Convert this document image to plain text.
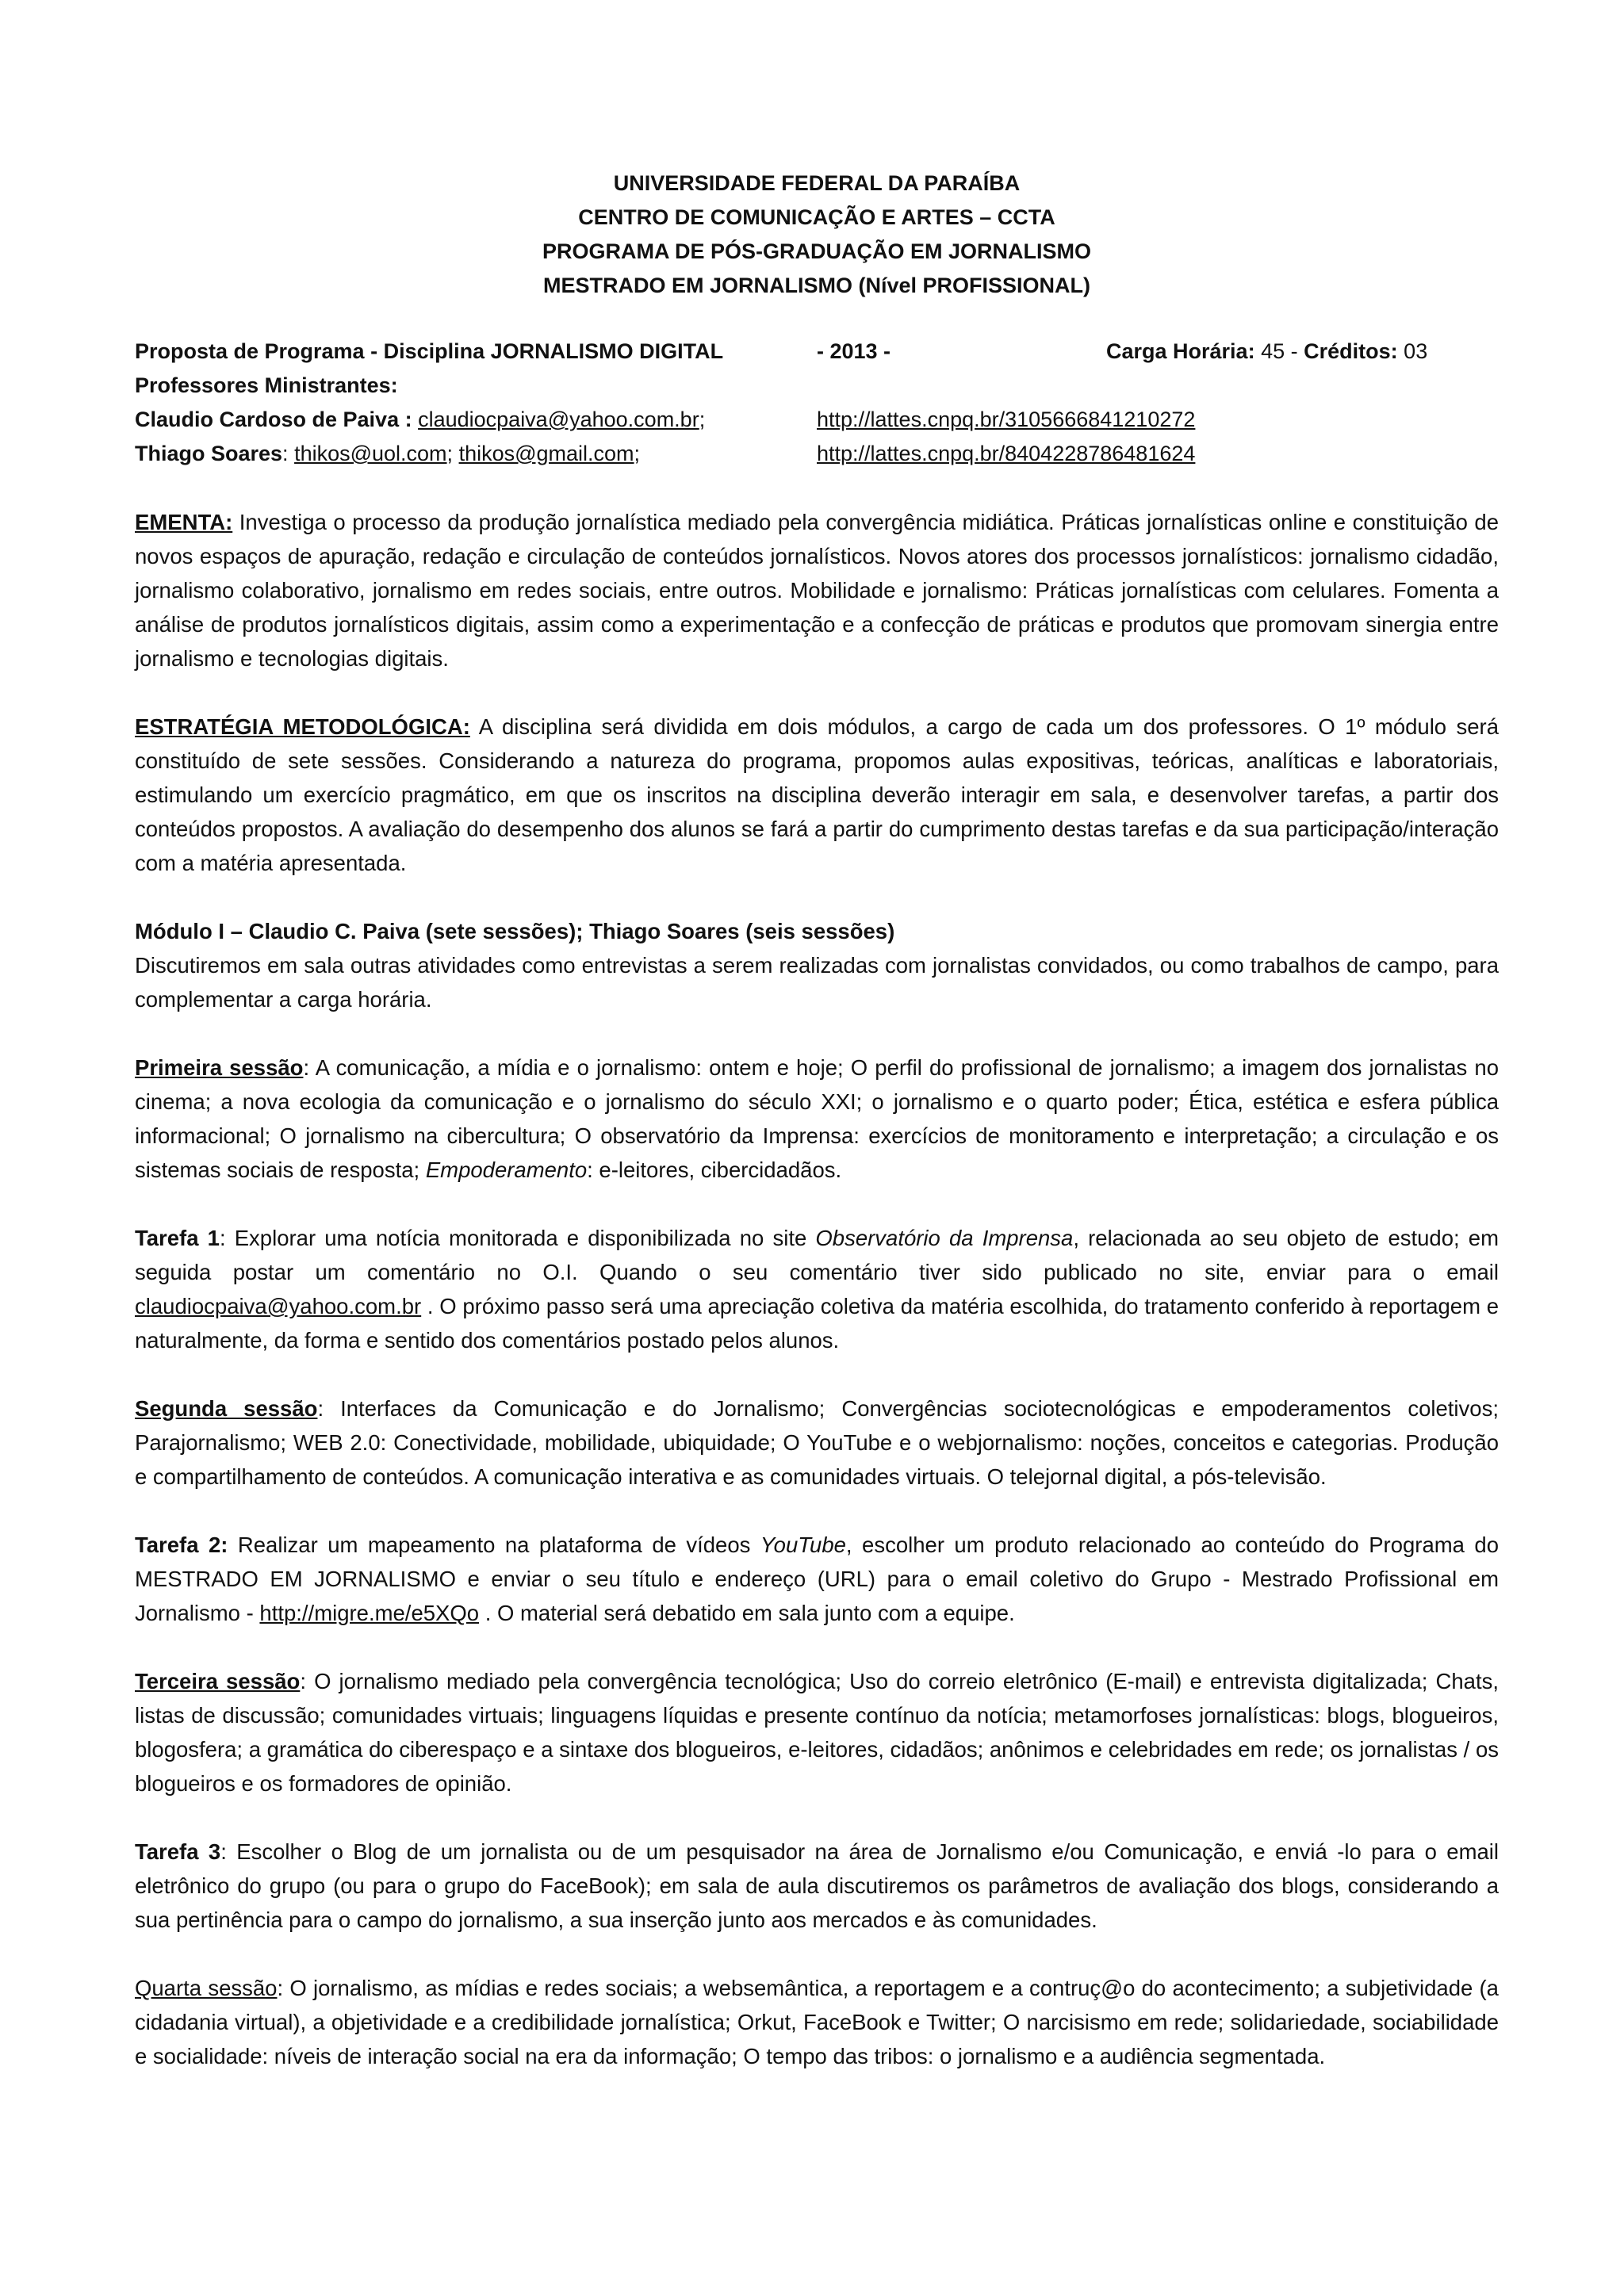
UNIVERSIDADE FEDERAL DA PARAÍBA
CENTRO DE COMUNICAÇÃO E ARTES – CCTA
PROGRAMA DE PÓS-GRADUAÇÃO EM JORNALISMO
MESTRADO EM JORNALISMO (Nível PROFISSIONAL)
Proposta de Programa - Disciplina JORNALISMO DIGITAL	- 2013 -	Carga Horária: 45 - Créditos: 03
Professores Ministrantes:
Claudio Cardoso de Paiva : claudiocpaiva@yahoo.com.br;	http://lattes.cnpq.br/3105666841210272
Thiago Soares: thikos@uol.com; thikos@gmail.com;	http://lattes.cnpq.br/8404228786481624

EMENTA: Investiga o processo da produção jornalística mediado pela convergência midiática. Práticas jornalísticas online e constituição de novos espaços de apuração, redação e circulação de conteúdos jornalísticos. Novos atores dos processos jornalísticos: jornalismo cidadão, jornalismo colaborativo, jornalismo em redes sociais, entre outros. Mobilidade e jornalismo: Práticas jornalísticas com celulares. Fomenta a análise de produtos jornalísticos digitais, assim como a experimentação e a confecção de práticas e produtos que promovam sinergia entre jornalismo e tecnologias digitais.

ESTRATÉGIA METODOLÓGICA: A disciplina será dividida em dois módulos, a cargo de cada um dos professores. O 1º módulo será constituído de sete sessões. Considerando a natureza do programa, propomos aulas expositivas, teóricas, analíticas e laboratoriais, estimulando um exercício pragmático, em que os inscritos na disciplina deverão interagir em sala, e desenvolver tarefas, a partir dos conteúdos propostos. A avaliação do desempenho dos alunos se fará a partir do cumprimento destas tarefas e da sua participação/interação com a matéria apresentada.

Módulo I – Claudio C. Paiva (sete sessões); Thiago Soares (seis sessões)
Discutiremos em sala outras atividades como entrevistas a serem realizadas com jornalistas convidados, ou como trabalhos de campo, para complementar a carga horária.

Primeira sessão: A comunicação, a mídia e o jornalismo: ontem e hoje; O perfil do profissional de jornalismo; a imagem dos jornalistas no cinema; a nova ecologia da comunicação e o jornalismo do século XXI; o jornalismo e o quarto poder; Ética, estética e esfera pública informacional; O jornalismo na cibercultura; O observatório da Imprensa: exercícios de monitoramento e interpretação; a circulação e os sistemas sociais de resposta; Empoderamento: e-leitores, cibercidadãos.

Tarefa 1: Explorar uma notícia monitorada e disponibilizada no site Observatório da Imprensa, relacionada ao seu objeto de estudo; em seguida postar um comentário no O.I. Quando o seu comentário tiver sido publicado no site, enviar para o email claudiocpaiva@yahoo.com.br . O próximo passo será uma apreciação coletiva da matéria escolhida, do tratamento conferido à reportagem e naturalmente, da forma e sentido dos comentários postado pelos alunos.

Segunda sessão: Interfaces da Comunicação e do Jornalismo; Convergências sociotecnológicas e empoderamentos coletivos; Parajornalismo; WEB 2.0: Conectividade, mobilidade, ubiquidade; O YouTube e o webjornalismo: noções, conceitos e categorias. Produção e compartilhamento de conteúdos. A comunicação interativa e as comunidades virtuais. O telejornal digital, a pós-televisão.

Tarefa 2: Realizar um mapeamento na plataforma de vídeos YouTube, escolher um produto relacionado ao conteúdo do Programa do MESTRADO EM JORNALISMO e enviar o seu título e endereço (URL) para o email coletivo do Grupo - Mestrado Profissional em Jornalismo - http://migre.me/e5XQo . O material será debatido em sala junto com a equipe.

Terceira sessão: O jornalismo mediado pela convergência tecnológica; Uso do correio eletrônico (E-mail) e entrevista digitalizada; Chats, listas de discussão; comunidades virtuais; linguagens líquidas e presente contínuo da notícia; metamorfoses jornalísticas: blogs, blogueiros, blogosfera; a gramática do ciberespaço e a sintaxe dos blogueiros, e-leitores, cidadãos; anônimos e celebridades em rede; os jornalistas / os blogueiros e os formadores de opinião.

Tarefa 3: Escolher o Blog de um jornalista ou de um pesquisador na área de Jornalismo e/ou Comunicação, e enviá -lo para o email eletrônico do grupo (ou para o grupo do FaceBook); em sala de aula discutiremos os parâmetros de avaliação dos blogs, considerando a sua pertinência para o campo do jornalismo, a sua inserção junto aos mercados e às comunidades.

Quarta sessão: O jornalismo, as mídias e redes sociais; a websemântica, a reportagem e a contruç@o do acontecimento; a subjetividade (a cidadania virtual), a objetividade e a credibilidade jornalística; Orkut, FaceBook e Twitter; O narcisismo em rede; solidariedade, sociabilidade e socialidade: níveis de interação social na era da informação; O tempo das tribos: o jornalismo e a audiência segmentada.
